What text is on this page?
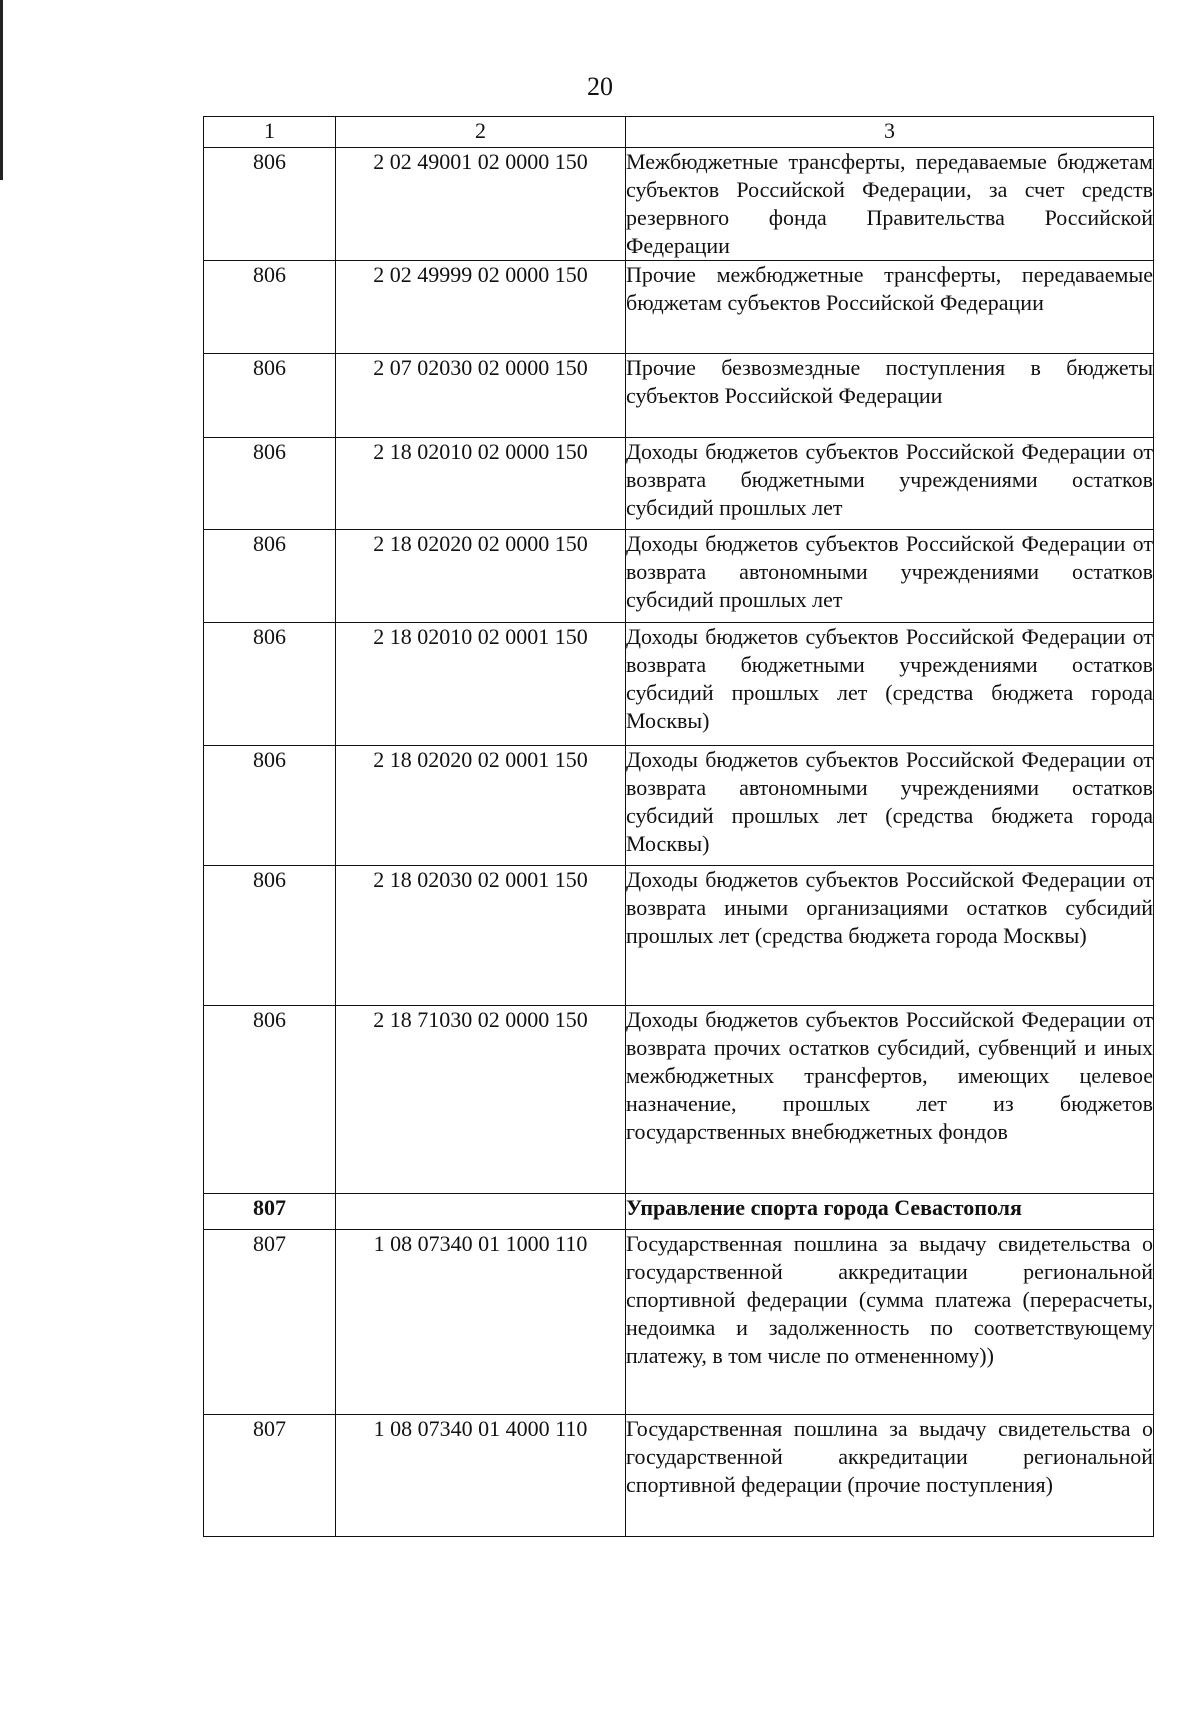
20
1	2	3
806	2 02 49001 02 0000 150	Межбюджетные трансферты, передаваемые бюджетам субъектов Российской Федерации, за счет средств резервного фонда Правительства Российской Федерации
806	2 02 49999 02 0000 150	Прочие межбюджетные трансферты, передаваемые бюджетам субъектов Российской Федерации
806	2 07 02030 02 0000 150	Прочие безвозмездные поступления в бюджеты субъектов Российской Федерации
806	2 18 02010 02 0000 150	Доходы бюджетов субъектов Российской Федерации от возврата бюджетными учреждениями остатков субсидий прошлых лет
806	2 18 02020 02 0000 150	Доходы бюджетов субъектов Российской Федерации от возврата автономными учреждениями остатков субсидий прошлых лет
806	2 18 02010 02 0001 150	Доходы бюджетов субъектов Российской Федерации от возврата бюджетными учреждениями остатков субсидий прошлых лет (средства бюджета города Москвы)
806	2 18 02020 02 0001 150	Доходы бюджетов субъектов Российской Федерации от возврата автономными учреждениями остатков субсидий прошлых лет (средства бюджета города Москвы)
806	2 18 02030 02 0001 150	Доходы бюджетов субъектов Российской Федерации от возврата иными организациями остатков субсидий прошлых лет (средства бюджета города Москвы)
806	2 18 71030 02 0000 150	Доходы бюджетов субъектов Российской Федерации от возврата прочих остатков субсидий, субвенций и иных межбюджетных трансфертов, имеющих целевое назначение, прошлых лет из бюджетов государственных внебюджетных фондов
807		Управление спорта города Севастополя
807	1 08 07340 01 1000 110	Государственная пошлина за выдачу свидетельства о государственной аккредитации региональной спортивной федерации (сумма платежа (перерасчеты, недоимка и задолженность по соответствующему платежу, в том числе по отмененному))
807	1 08 07340 01 4000 110	Государственная пошлина за выдачу свидетельства о государственной аккредитации региональной спортивной федерации (прочие поступления)
